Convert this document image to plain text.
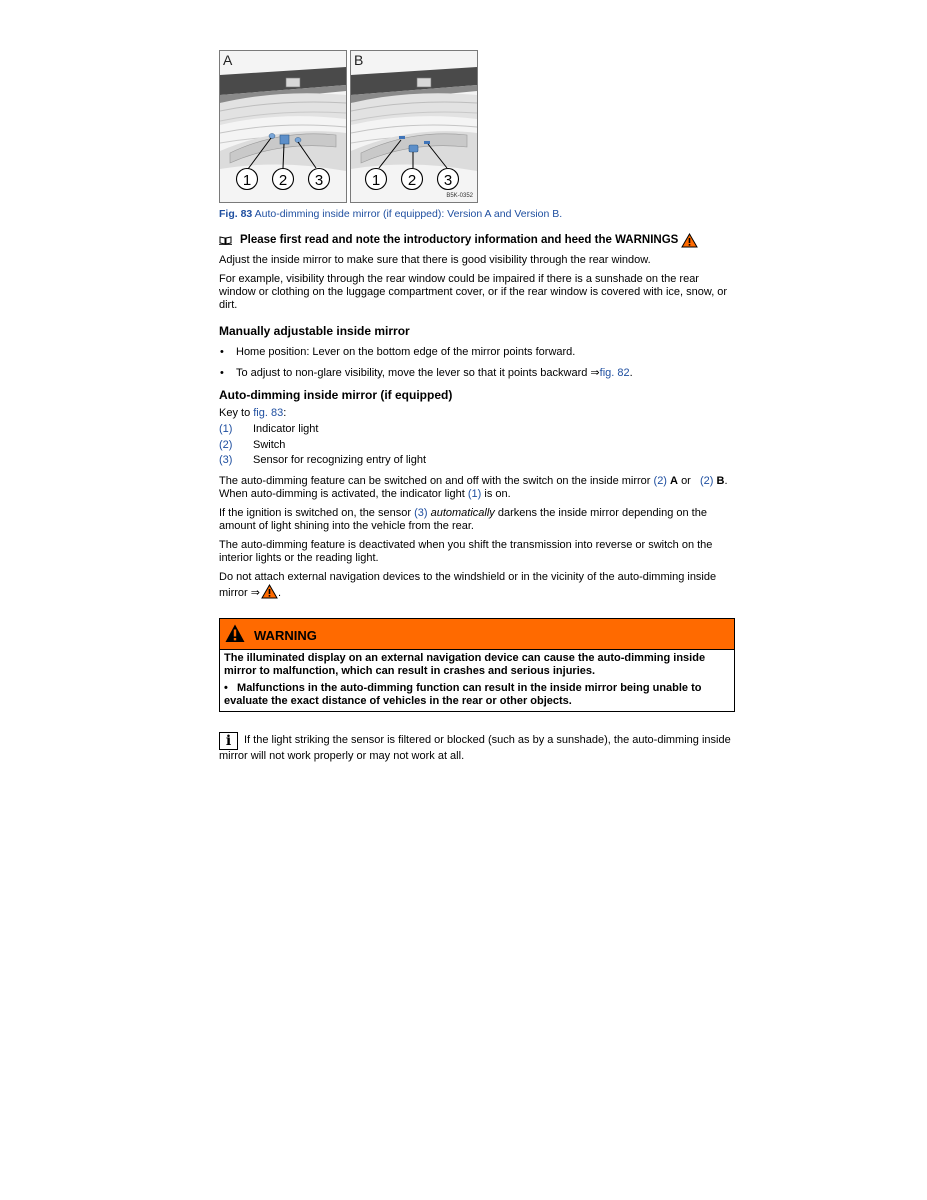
A
1 2 3
B
1 2 3
B5K-0352
Fig. 83 Auto-dimming inside mirror (if equipped): Version A and Version B.
Please first read and note the introductory information and heed the WARNINGS

Adjust the inside mirror to make sure that there is good visibility through the rear window.

For example, visibility through the rear window could be impaired if there is a sunshade on the rear window or clothing on the luggage compartment cover, or if the rear window is covered with ice, snow, or dirt.

Manually adjustable inside mirror
• Home position: Lever on the bottom edge of the mirror points forward.
• To adjust to non-glare visibility, move the lever so that it points backward ⇒fig. 82.
Auto-dimming inside mirror (if equipped)

Key to fig. 83:

(1)	Indicator light
(2)	Switch
(3)	Sensor for recognizing entry of light

The auto-dimming feature can be switched on and off with the switch on the inside mirror (2) A or (2) B. When auto-dimming is activated, the indicator light (1) is on.

If the ignition is switched on, the sensor (3) automatically darkens the inside mirror depending on the amount of light shining into the vehicle from the rear.

The auto-dimming feature is deactivated when you shift the transmission into reverse or switch on the interior lights or the reading light.

Do not attach external navigation devices to the windshield or in the vicinity of the auto-dimming inside mirror ⇒ .

WARNING
The illuminated display on an external navigation device can cause the auto-dimming inside mirror to malfunction, which can result in crashes and serious injuries.
• Malfunctions in the auto-dimming function can result in the inside mirror being unable to evaluate the exact distance of vehicles in the rear or other objects.
i If the light striking the sensor is filtered or blocked (such as by a sunshade), the auto-dimming inside mirror will not work properly or may not work at all.
